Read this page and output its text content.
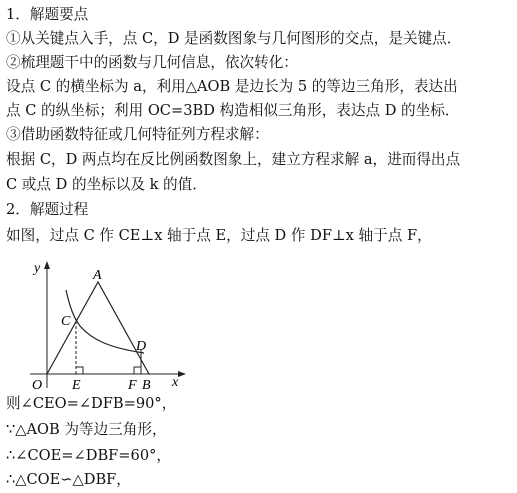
1．解题要点
①从关键点入手，点 C，D 是函数图象与几何图形的交点，是关键点．
②梳理题干中的函数与几何信息，依次转化：
设点 C 的横坐标为 a，利用△AOB 是边长为 5 的等边三角形，表达出
点 C 的纵坐标；利用 OC=3BD 构造相似三角形，表达点 D 的坐标．
③借助函数特征或几何特征列方程求解：
根据 C，D 两点均在反比例函数图象上，建立方程求解 a，进而得出点
C 或点 D 的坐标以及 k 的值．
2．解题过程
如图，过点 C 作 CE⊥x 轴于点 E，过点 D 作 DF⊥x 轴于点 F，
y
x
O
A
C
D
E	F B
则∠CEO=∠DFB=90°，
∵△AOB 为等边三角形，
∴∠COE=∠DBF=60°，
∴△COE∽△DBF，
